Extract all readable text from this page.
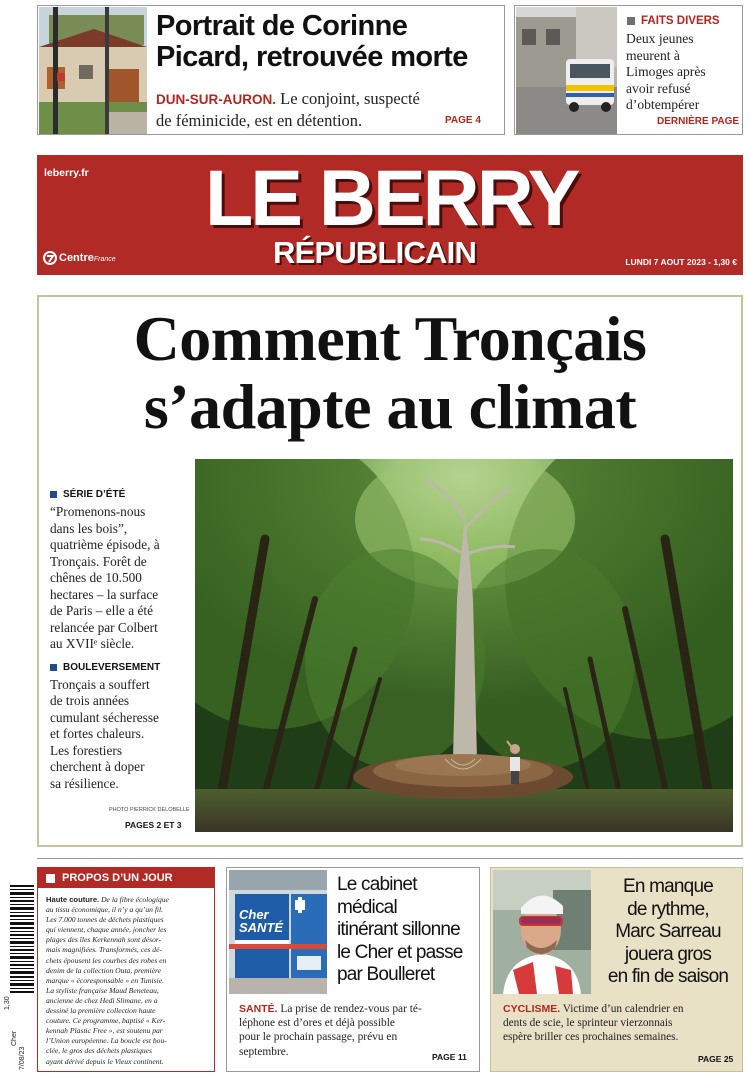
Portrait de Corinne
Picard, retrouvée morte
DUN-SUR-AURON. Le conjoint, suspecté
de féminicide, est en détention.	PAGE 4
FAITS DIVERS
Deux jeunes
meurent à
Limoges après
avoir refusé
d’obtempérer
DERNIÈRE PAGE
leberry.fr LE BERRY
RÉPUBLICAIN
Centre France	LUNDI 7 AOUT 2023 - 1,30 €
Comment Tronçais
s’adapte au climat
SÉRIE D’ÉTÉ
“Promenons-nous
dans les bois”,
quatrième épisode, à
Tronçais. Forêt de
chênes de 10.500
hectares – la surface
de Paris – elle a été
relancée par Colbert
au XVIIᵉ siècle.
BOULEVERSEMENT
Tronçais a souffert
de trois années
cumulant sécheresse
et fortes chaleurs.
Les forestiers
cherchent à doper
sa résilience.
PHOTO PIERRICK DELOBELLE
PAGES 2 ET 3
1,30
Cher
7/08/23
PROPOS D’UN JOUR
Haute couture. De la fibre écologique
au tissu économique, il n’y a qu’un fil.
Les 7.000 tonnes de déchets plastiques
qui viennent, chaque année, joncher les
plages des îles Kerkennah sont désor-
mais magnifiées. Transformés, ces dé-
chets épousent les courbes des robes en
denim de la collection Outa, première
marque « écoresponsable » en Tunisie.
La styliste française Maud Beneteau,
ancienne de chez Hedi Slimane, en a
dessiné la première collection haute
couture. Ce programme, baptisé « Ker-
kennah Plastic Free », est soutenu par
l’Union européenne. La boucle est bou-
clée, le gros des déchets plastiques
ayant dérivé depuis le Vieux continent.
Cher
SANTÉ
Le cabinet
médical
itinérant sillonne
le Cher et passe
par Boulleret
SANTÉ. La prise de rendez-vous par té-
léphone est d’ores et déjà possible
pour le prochain passage, prévu en
septembre.	PAGE 11
En manque
de rythme,
Marc Sarreau
jouera gros
en fin de saison
CYCLISME. Victime d’un calendrier en
dents de scie, le sprinteur vierzonnais
espère briller ces prochaines semaines.
PAGE 25
